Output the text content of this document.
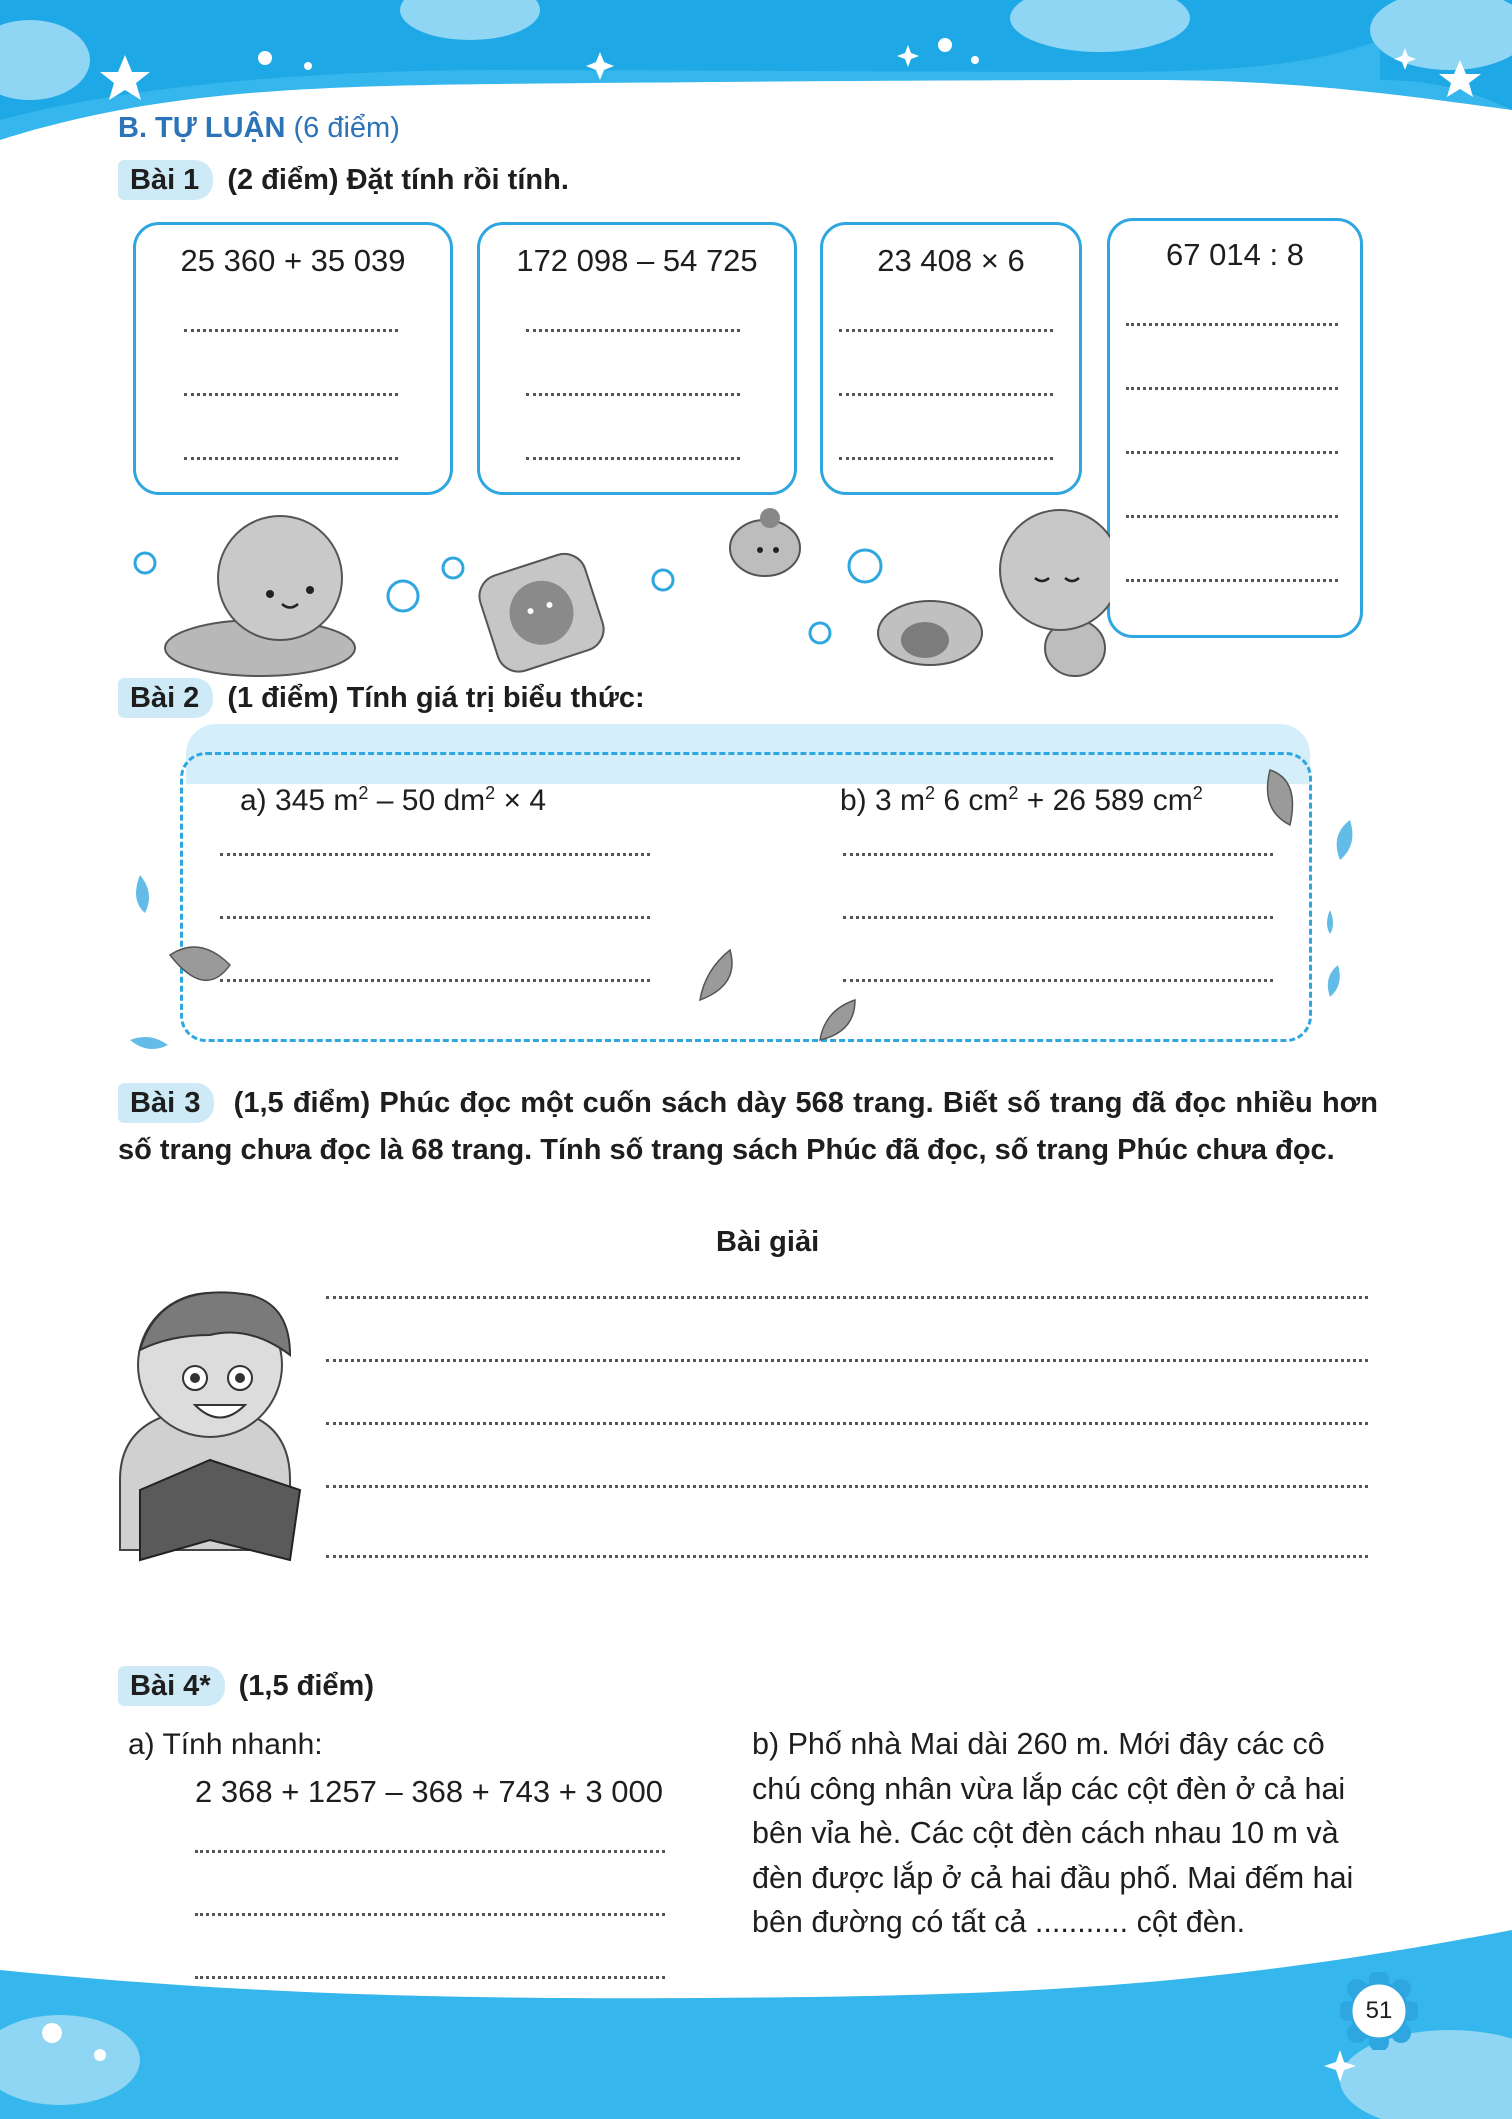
B. TỰ LUẬN (6 điểm)
Bài 1 (2 điểm) Đặt tính rồi tính.
25 360 + 35 039	172 098 – 54 725	23 408 × 6	67 014 : 8
Bài 2 (1 điểm) Tính giá trị biểu thức:
a) 345 $m^2 - 50$ $dm^2 \times 4$	b) 3 $m^2$ 6 $cm^2 + 26$ 589 $cm^2$
Bài 3 (1,5 điểm) Phúc đọc một cuốn sách dày 568 trang. Biết số trang đã đọc nhiều hơn số trang chưa đọc là 68 trang. Tính số trang sách Phúc đã đọc, số trang Phúc chưa đọc.
Bài giải
Bài 4* (1,5 điểm)
a) Tính nhanh:
2 368 + 1257 – 368 + 743 + 3 000
b) Phố nhà Mai dài 260 m. Mới đây các cô chú công nhân vừa lắp các cột đèn ở cả hai bên vỉa hè. Các cột đèn cách nhau 10 m và đèn được lắp ở cả hai đầu phố. Mai đếm hai bên đường có tất cả ........... cột đèn.
51
